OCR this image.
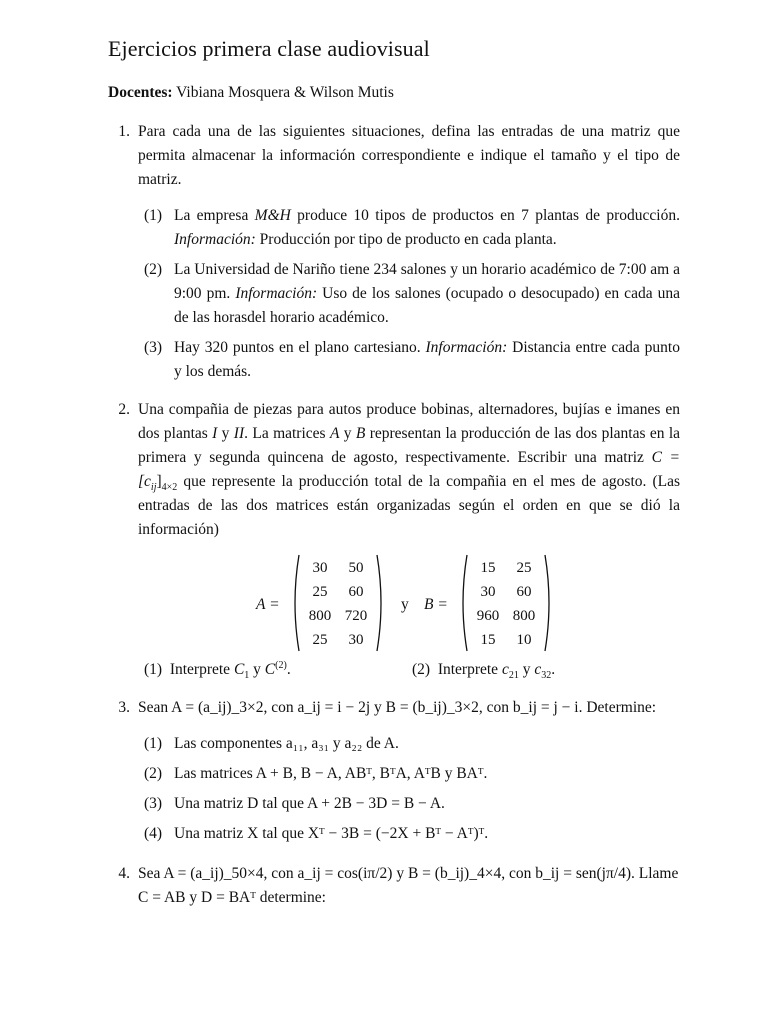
Ejercicios primera clase audiovisual
Docentes: Vibiana Mosquera & Wilson Mutis
1. Para cada una de las siguientes situaciones, defina las entradas de una matriz que permita almacenar la información correspondiente e indique el tamaño y el tipo de matriz.
(1) La empresa M&H produce 10 tipos de productos en 7 plantas de producción. Información: Producción por tipo de producto en cada planta.
(2) La Universidad de Nariño tiene 234 salones y un horario académico de 7:00 am a 9:00 pm. Información: Uso de los salones (ocupado o desocupado) en cada una de las horasdel horario académico.
(3) Hay 320 puntos en el plano cartesiano. Información: Distancia entre cada punto y los demás.
2. Una compañia de piezas para autos produce bobinas, alternadores, bujías e imanes en dos plantas I y II. La matrices A y B representan la producción de las dos plantas en la primera y segunda quincena de agosto, respectivamente. Escribir una matriz $C = [c_{ij}]_{4\times 2}$ que represente la producción total de la compañia en el mes de agosto. (Las entradas de las dos matrices están organizadas según el orden en que se dió la información)
A =
30	50
25	60
800 720
25	30
y B =
15	25
30	60
960 800
15	10
(1) Interprete $C_1$ y $C^{(2)}$.	(2) Interprete $c_{21}$ y $c_{32}$.
3. Sean A = (a_ij)_3×2, con a_ij = i − 2j y B = (b_ij)_3×2, con b_ij = j − i. Determine:
(1) Las componentes a₁₁, a₃₁ y a₂₂ de A.
(2) Las matrices A + B, B − A, ABᵀ, BᵀA, AᵀB y BAᵀ.
(3) Una matriz D tal que A + 2B − 3D = B − A.
(4) Una matriz X tal que Xᵀ − 3B = (−2X + Bᵀ − Aᵀ)ᵀ.
4. Sea A = (a_ij)_50×4, con a_ij = cos(iπ/2) y B = (b_ij)_4×4, con b_ij = sen(jπ/4). Llame
C = AB y D = BAᵀ determine:
